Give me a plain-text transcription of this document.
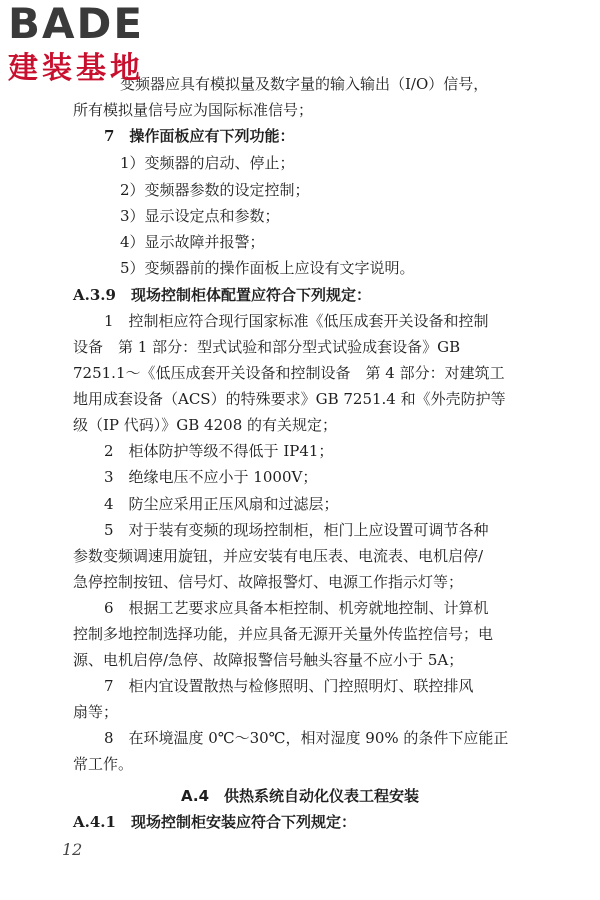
BADE
建装基地
变频器应具有模拟量及数字量的输入输出（I/O）信号，
所有模拟量信号应为国际标准信号；
7　操作面板应有下列功能：
1）变频器的启动、停止；
2）变频器参数的设定控制；
3）显示设定点和参数；
4）显示故障并报警；
5）变频器前的操作面板上应设有文字说明。
A.3.9　现场控制柜体配置应符合下列规定：
1　控制柜应符合现行国家标准《低压成套开关设备和控制
设备　第 1 部分：型式试验和部分型式试验成套设备》GB
7251.1～《低压成套开关设备和控制设备　第 4 部分：对建筑工
地用成套设备（ACS）的特殊要求》GB 7251.4 和《外壳防护等
级（IP 代码）》GB 4208 的有关规定；
2　柜体防护等级不得低于 IP41；
3　绝缘电压不应小于 1000V；
4　防尘应采用正压风扇和过滤层；
5　对于装有变频的现场控制柜，柜门上应设置可调节各种
参数变频调速用旋钮，并应安装有电压表、电流表、电机启停/
急停控制按钮、信号灯、故障报警灯、电源工作指示灯等；
6　根据工艺要求应具备本柜控制、机旁就地控制、计算机
控制多地控制选择功能，并应具备无源开关量外传监控信号；电
源、电机启停/急停、故障报警信号触头容量不应小于 5A；
7　柜内宜设置散热与检修照明、门控照明灯、联控排风
扇等；
8　在环境温度 0℃～30℃，相对湿度 90% 的条件下应能正
常工作。
A.4　供热系统自动化仪表工程安装
A.4.1　现场控制柜安装应符合下列规定：
12
